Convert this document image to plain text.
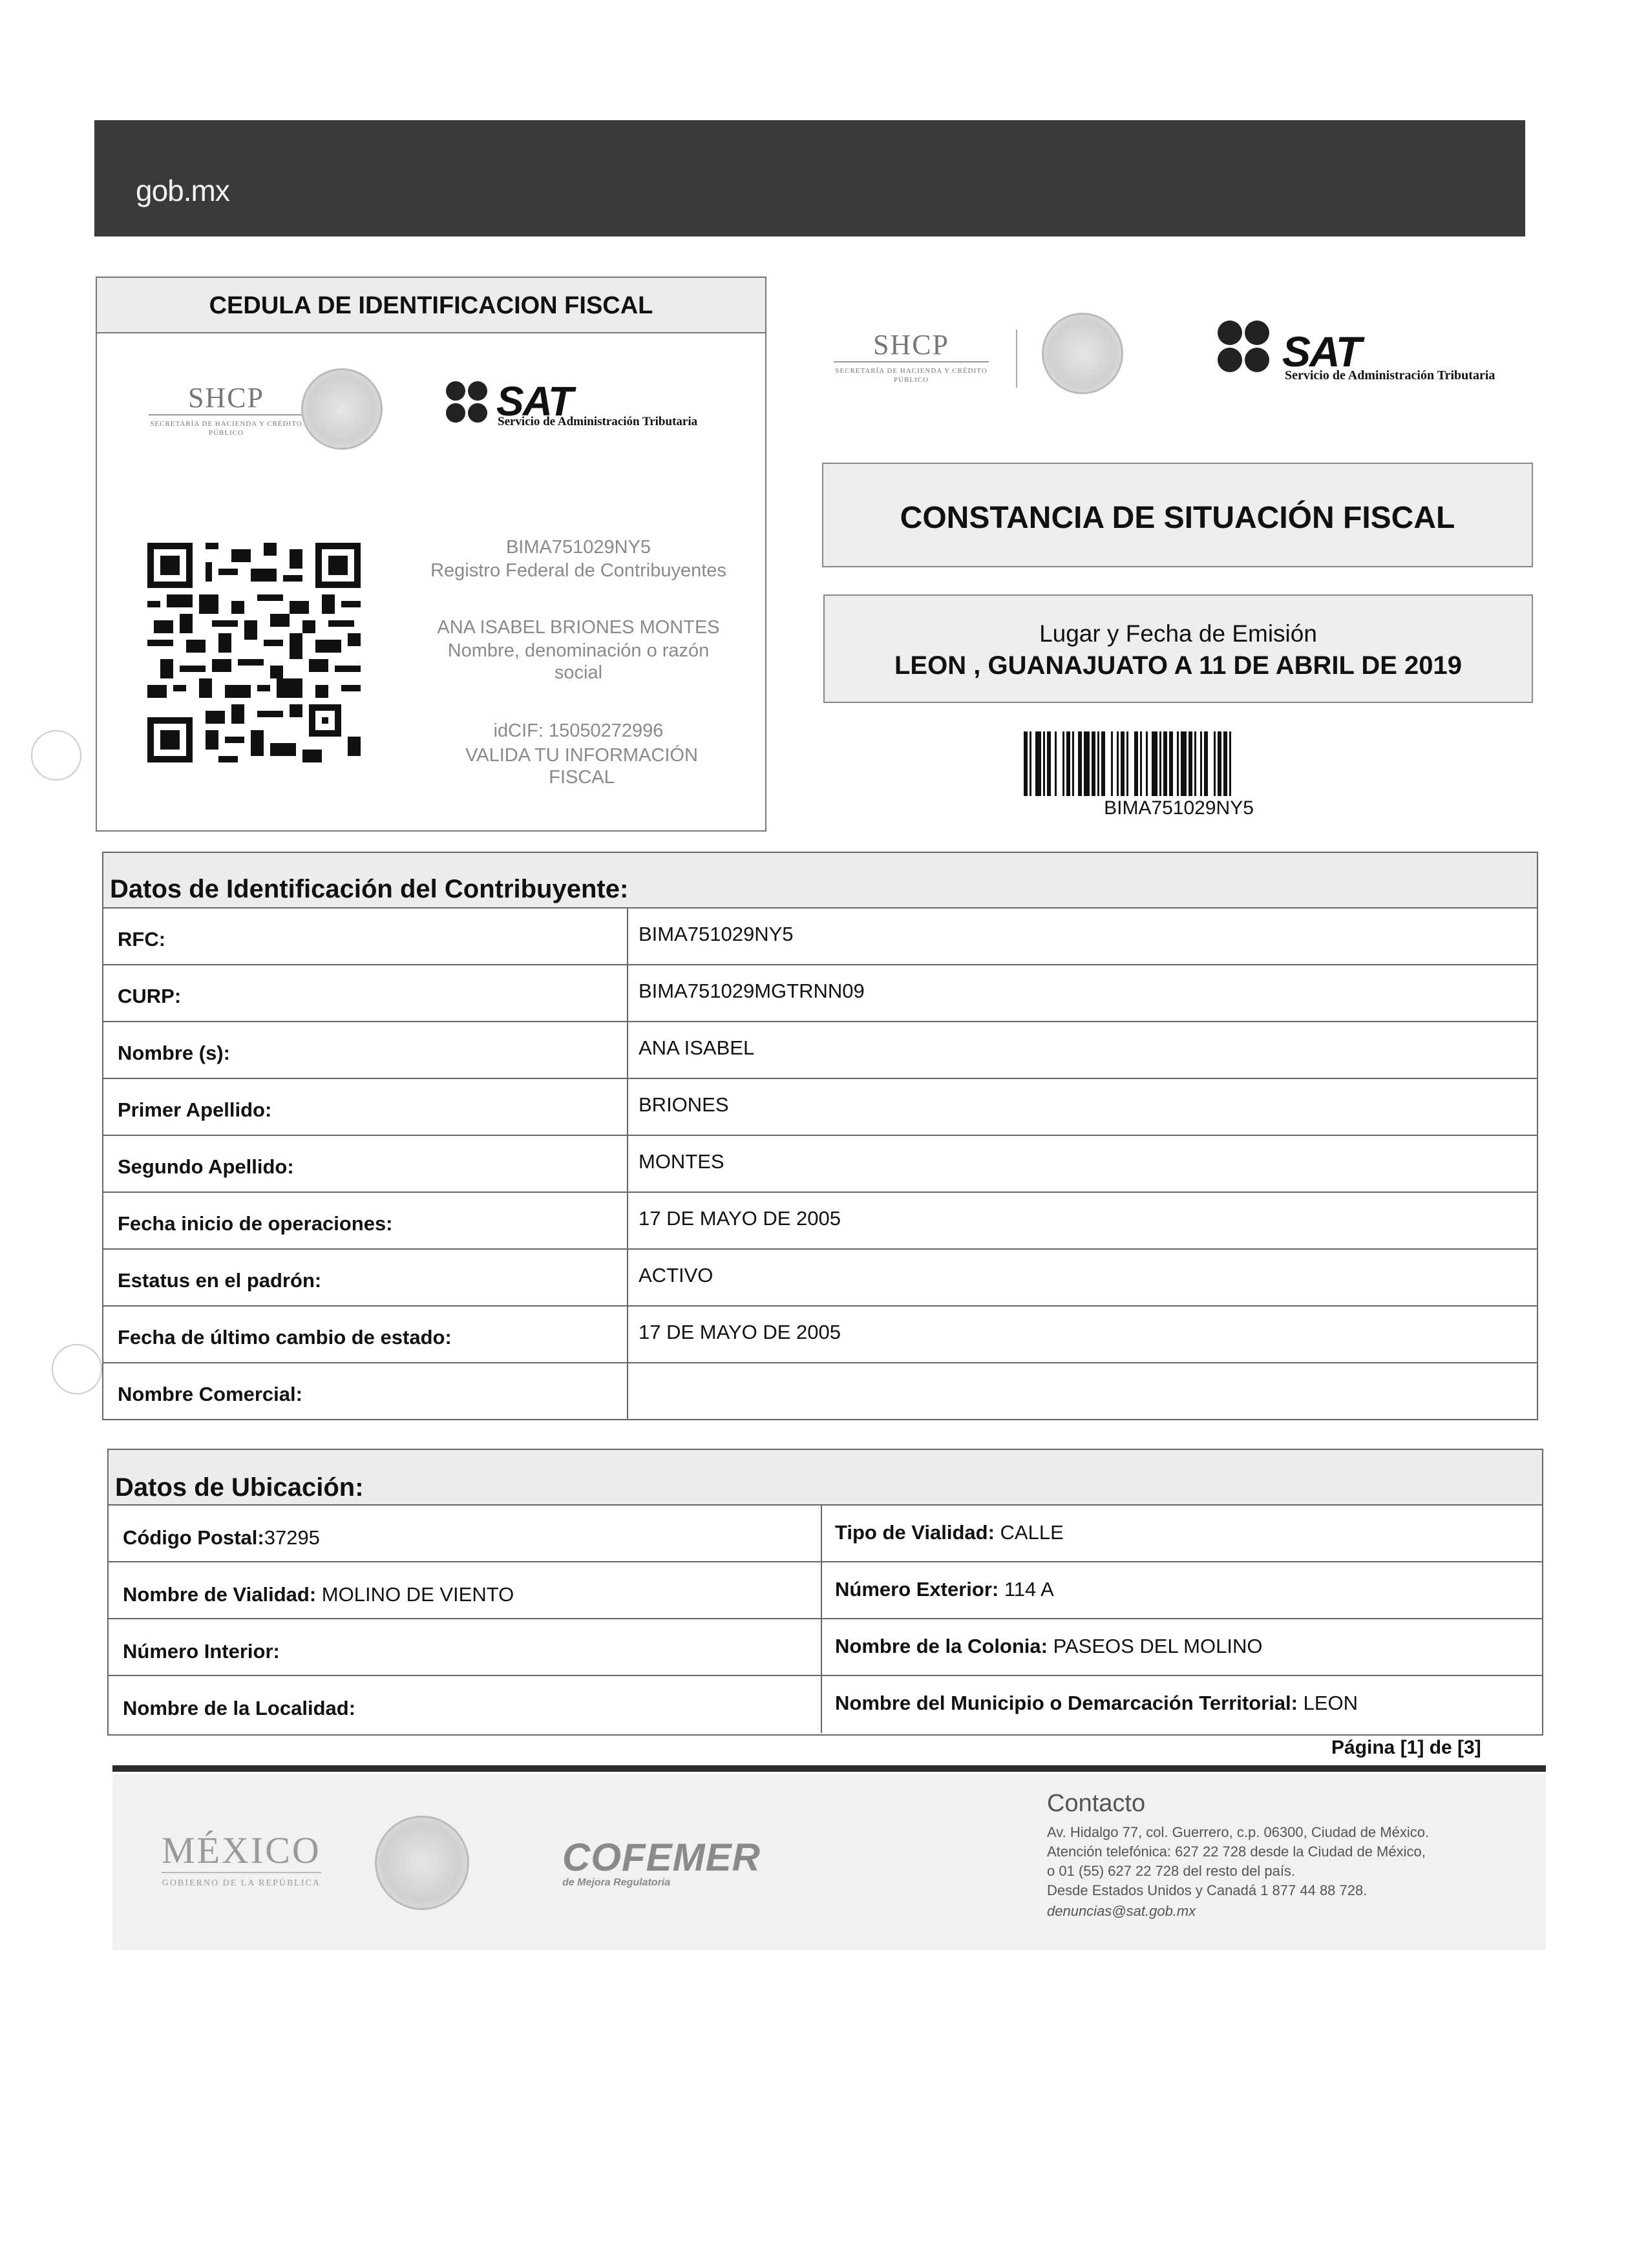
gob.mx
CEDULA DE IDENTIFICACION FISCAL
SHCP
SECRETARÍA DE HACIENDA Y CRÉDITO PÚBLICO
SAT
Servicio de Administración Tributaria
BIMA751029NY5
Registro Federal de Contribuyentes
ANA ISABEL BRIONES MONTES
Nombre, denominación o razón social
idCIF: 15050272996
VALIDA TU INFORMACIÓN FISCAL
SHCP
SECRETARÍA DE HACIENDA Y CRÉDITO PÚBLICO
SAT
Servicio de Administración Tributaria
CONSTANCIA DE SITUACIÓN FISCAL
Lugar y Fecha de Emisión
LEON , GUANAJUATO A 11 DE ABRIL DE 2019
BIMA751029NY5
Datos de Identificación del Contribuyente:
RFC:	BIMA751029NY5
CURP:	BIMA751029MGTRNN09
Nombre (s):	ANA ISABEL
Primer Apellido:	BRIONES
Segundo Apellido:	MONTES
Fecha inicio de operaciones:	17 DE MAYO DE 2005
Estatus en el padrón:	ACTIVO
Fecha de último cambio de estado:	17 DE MAYO DE 2005
Nombre Comercial:
Datos de Ubicación:
Código Postal:37295	Tipo de Vialidad: CALLE
Nombre de Vialidad: MOLINO DE VIENTO	Número Exterior: 114 A
Número Interior:	Nombre de la Colonia: PASEOS DEL MOLINO
Nombre de la Localidad:	Nombre del Municipio o Demarcación Territorial: LEON
Página [1] de [3]
MÉXICO
GOBIERNO DE LA REPÚBLICA
COFEMER
de Mejora Regulatoria
Contacto
Av. Hidalgo 77, col. Guerrero, c.p. 06300, Ciudad de México.
Atención telefónica: 627 22 728 desde la Ciudad de México,
o 01 (55) 627 22 728 del resto del país.
Desde Estados Unidos y Canadá 1 877 44 88 728.
denuncias@sat.gob.mx
